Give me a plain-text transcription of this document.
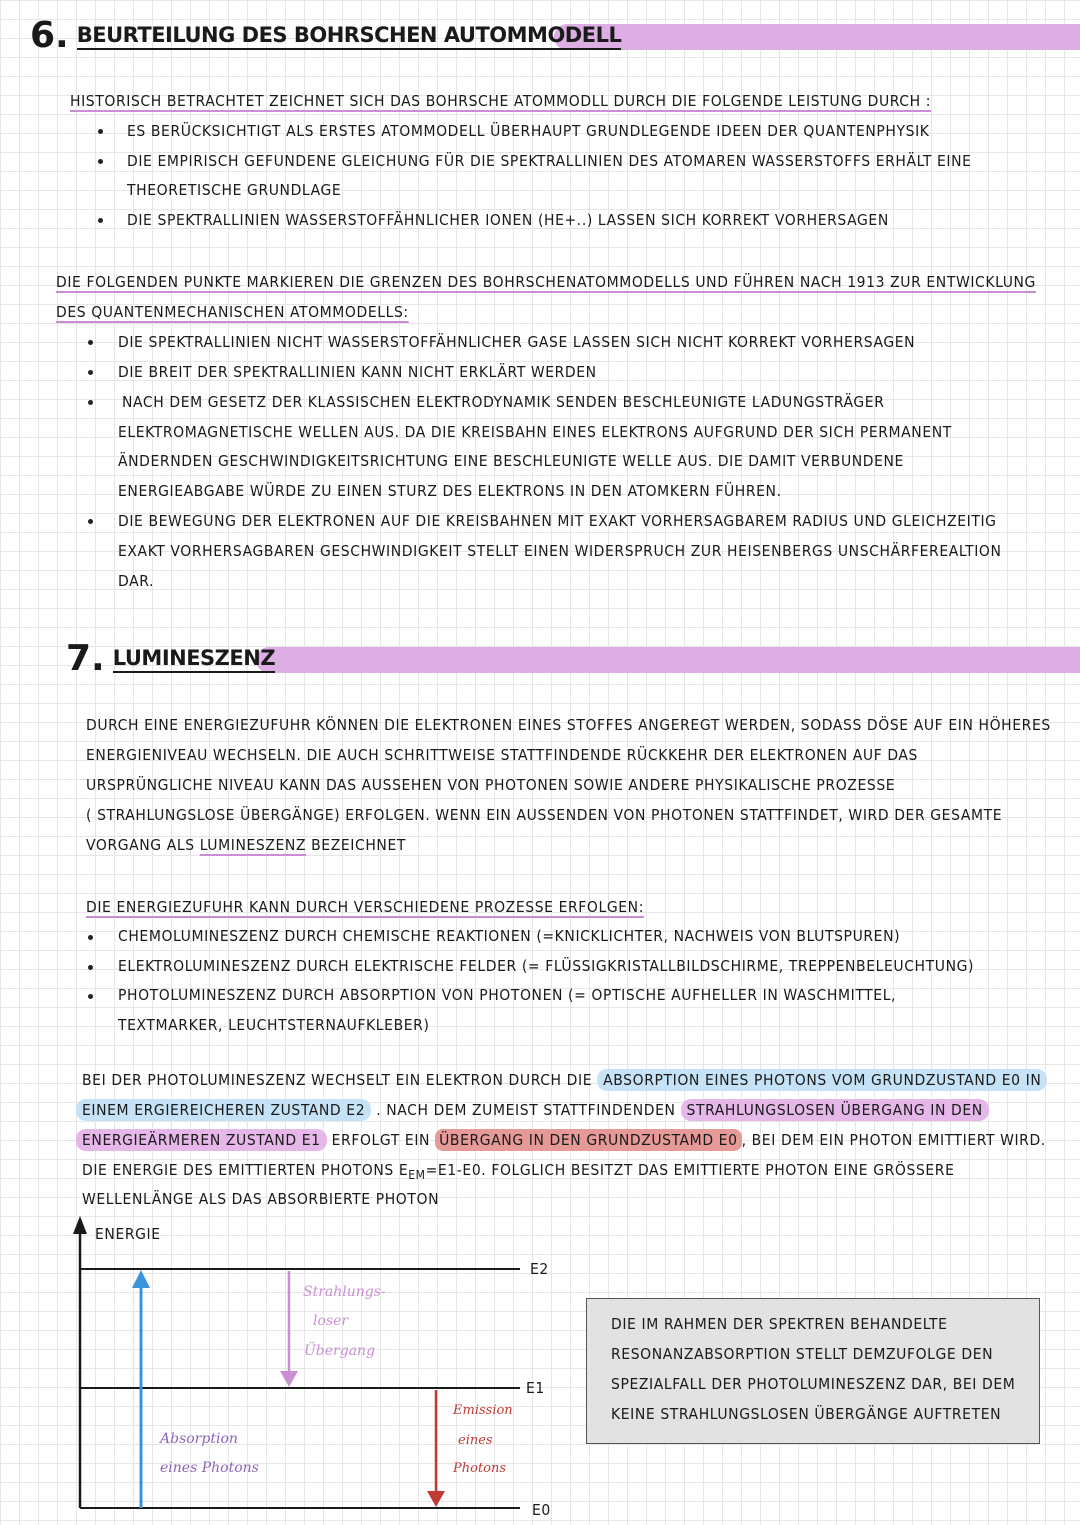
6. BEURTEILUNG DES BOHRSCHEN AUTOMMODELL
HISTORISCH BETRACHTET ZEICHNET SICH DAS BOHRSCHE ATOMMODLL DURCH DIE FOLGENDE LEISTUNG DURCH :
ES BERÜCKSICHTIGT ALS ERSTES ATOMMODELL ÜBERHAUPT GRUNDLEGENDE IDEEN DER QUANTENPHYSIK
DIE EMPIRISCH GEFUNDENE GLEICHUNG FÜR DIE SPEKTRALLINIEN DES ATOMAREN WASSERSTOFFS ERHÄLT EINE
THEORETISCHE GRUNDLAGE
DIE SPEKTRALLINIEN WASSERSTOFFÄHNLICHER IONEN (HE+..) LASSEN SICH KORREKT VORHERSAGEN
DIE FOLGENDEN PUNKTE MARKIEREN DIE GRENZEN DES BOHRSCHENATOMMODELLS UND FÜHREN NACH 1913 ZUR ENTWICKLUNG
DES QUANTENMECHANISCHEN ATOMMODELLS:
DIE SPEKTRALLINIEN NICHT WASSERSTOFFÄHNLICHER GASE LASSEN SICH NICHT KORREKT VORHERSAGEN
DIE BREIT DER SPEKTRALLINIEN KANN NICHT ERKLÄRT WERDEN
NACH DEM GESETZ DER KLASSISCHEN ELEKTRODYNAMIK SENDEN BESCHLEUNIGTE LADUNGSTRÄGER
ELEKTROMAGNETISCHE WELLEN AUS. DA DIE KREISBAHN EINES ELEKTRONS AUFGRUND DER SICH PERMANENT
ÄNDERNDEN GESCHWINDIGKEITSRICHTUNG EINE BESCHLEUNIGTE WELLE AUS. DIE DAMIT VERBUNDENE
ENERGIEABGABE WÜRDE ZU EINEN STURZ DES ELEKTRONS IN DEN ATOMKERN FÜHREN.
DIE BEWEGUNG DER ELEKTRONEN AUF DIE KREISBAHNEN MIT EXAKT VORHERSAGBAREM RADIUS UND GLEICHZEITIG
EXAKT VORHERSAGBAREN GESCHWINDIGKEIT STELLT EINEN WIDERSPRUCH ZUR HEISENBERGS UNSCHÄRFEREALTION
DAR.
7. LUMINESZENZ
DURCH EINE ENERGIEZUFUHR KÖNNEN DIE ELEKTRONEN EINES STOFFES ANGEREGT WERDEN, SODASS DÖSE AUF EIN HÖHERES
ENERGIENIVEAU WECHSELN. DIE AUCH SCHRITTWEISE STATTFINDENDE RÜCKKEHR DER ELEKTRONEN AUF DAS
URSPRÜNGLICHE NIVEAU KANN DAS AUSSEHEN VON PHOTONEN SOWIE ANDERE PHYSIKALISCHE PROZESSE
( STRAHLUNGSLOSE ÜBERGÄNGE) ERFOLGEN. WENN EIN AUSSENDEN VON PHOTONEN STATTFINDET, WIRD DER GESAMTE
VORGANG ALS LUMINESZENZ BEZEICHNET
DIE ENERGIEZUFUHR KANN DURCH VERSCHIEDENE PROZESSE ERFOLGEN:
CHEMOLUMINESZENZ DURCH CHEMISCHE REAKTIONEN (=KNICKLICHTER, NACHWEIS VON BLUTSPUREN)
ELEKTROLUMINESZENZ DURCH ELEKTRISCHE FELDER (= FLÜSSIGKRISTALLBILDSCHIRME, TREPPENBELEUCHTUNG)
PHOTOLUMINESZENZ DURCH ABSORPTION VON PHOTONEN (= OPTISCHE AUFHELLER IN WASCHMITTEL,
TEXTMARKER, LEUCHTSTERNAUFKLEBER)
BEI DER PHOTOLUMINESZENZ WECHSELT EIN ELEKTRON DURCH DIE ABSORPTION EINES PHOTONS VOM GRUNDZUSTAND E0 IN
EINEM ERGIEREICHEREN ZUSTAND E2 . NACH DEM ZUMEIST STATTFINDENDEN STRAHLUNGSLOSEN ÜBERGANG IN DEN
ENERGIEÄRMEREN ZUSTAND E1 ERFOLGT EIN ÜBERGANG IN DEN GRUNDZUSTAMD E0 , BEI DEM EIN PHOTON EMITTIERT WIRD.
DIE ENERGIE DES EMITTIERTEN PHOTONS $E_{EM}=E1-E0$. FOLGLICH BESITZT DAS EMITTIERTE PHOTON EINE GRÖSSERE
WELLENLÄNGE ALS DAS ABSORBIERTE PHOTON
ENERGIE
E2
E1
E0
Strahlungs-
loser
Übergang
Absorption
eines Photons
Emission
eines
Photons
DIE IM RAHMEN DER SPEKTREN BEHANDELTE
RESONANZABSORPTION STELLT DEMZUFOLGE DEN
SPEZIALFALL DER PHOTOLUMINESZENZ DAR, BEI DEM
KEINE STRAHLUNGSLOSEN ÜBERGÄNGE AUFTRETEN
